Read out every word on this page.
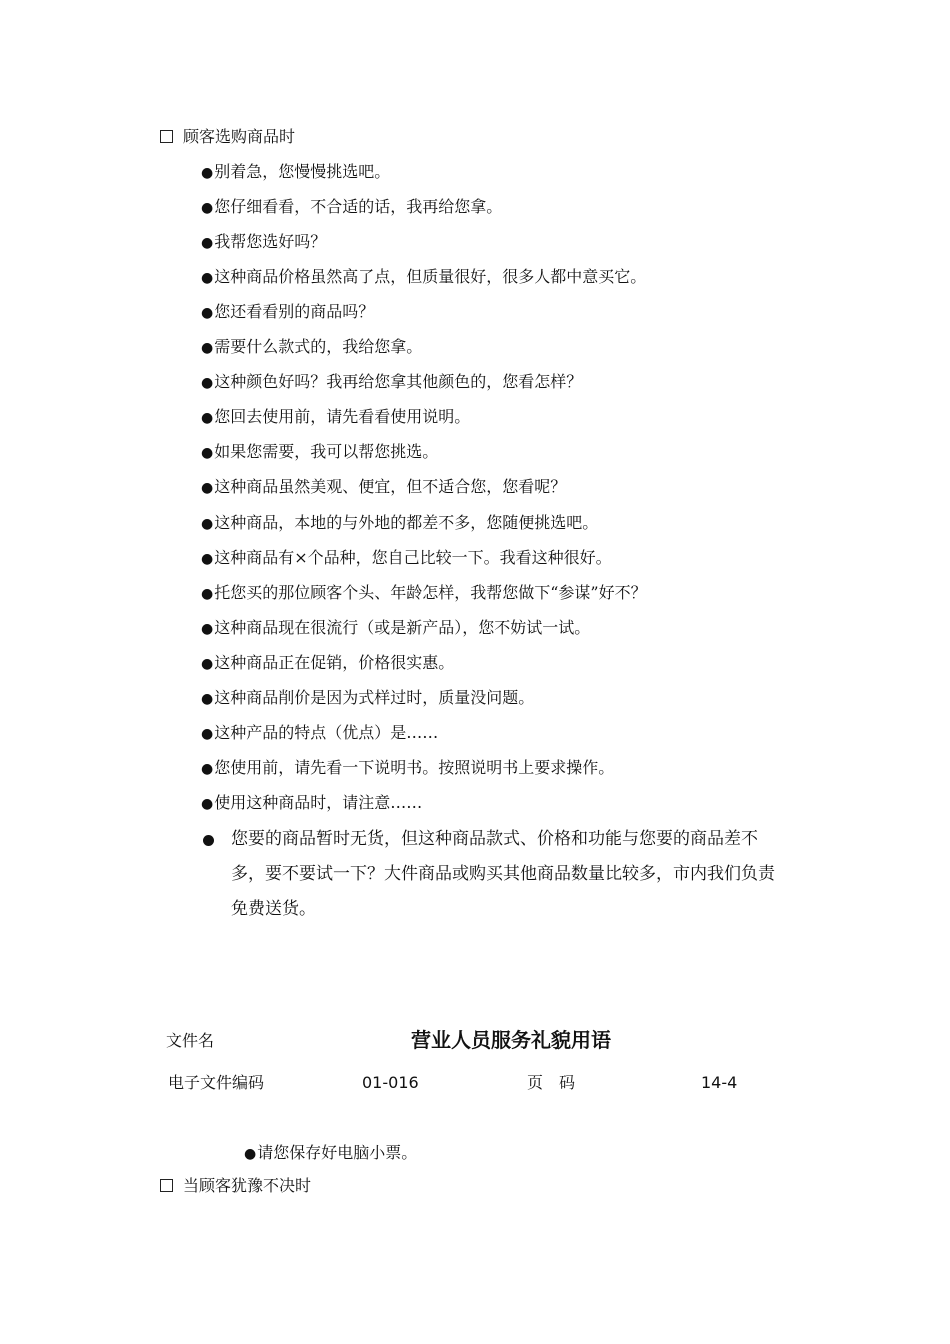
顾客选购商品时
●别着急，您慢慢挑选吧。
●您仔细看看，不合适的话，我再给您拿。
●我帮您选好吗？
●这种商品价格虽然高了点，但质量很好，很多人都中意买它。
●您还看看别的商品吗？
●需要什么款式的，我给您拿。
●这种颜色好吗？我再给您拿其他颜色的，您看怎样？
●您回去使用前，请先看看使用说明。
●如果您需要，我可以帮您挑选。
●这种商品虽然美观、便宜，但不适合您，您看呢？
●这种商品，本地的与外地的都差不多，您随便挑选吧。
●这种商品有×个品种，您自己比较一下。我看这种很好。
●托您买的那位顾客个头、年龄怎样，我帮您做下“参谋”好不？
●这种商品现在很流行（或是新产品），您不妨试一试。
●这种商品正在促销，价格很实惠。
●这种商品削价是因为式样过时，质量没问题。
●这种产品的特点（优点）是……
●您使用前，请先看一下说明书。按照说明书上要求操作。
●使用这种商品时，请注意……
您要的商品暂时无货，但这种商品款式、价格和功能与您要的商品差不多，要不要试一下？大件商品或购买其他商品数量比较多，市内我们负责免费送货。
文件名	营业人员服务礼貌用语
电子文件编码	01-016	页　码	14-4
●请您保存好电脑小票。
当顾客犹豫不决时
